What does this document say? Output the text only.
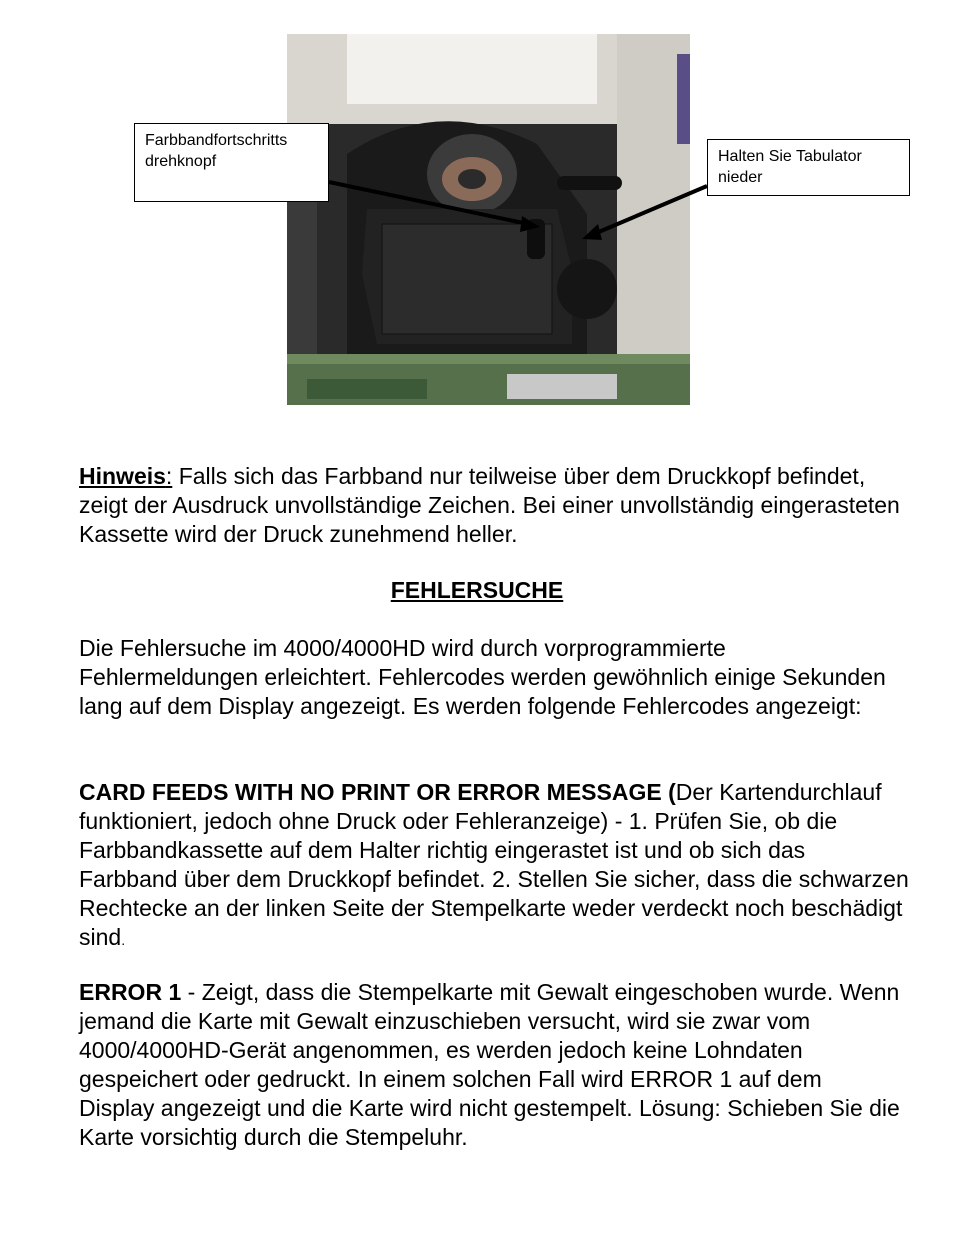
Farbbandfortschritts
drehknopf	Halten Sie Tabulator
nieder

Hinweis: Falls sich das Farbband nur teilweise über dem Druckkopf befindet, zeigt der Ausdruck unvollständige Zeichen. Bei einer unvollständig eingerasteten Kassette wird der Druck zunehmend heller.

FEHLERSUCHE

Die Fehlersuche im 4000/4000HD wird durch vorprogrammierte Fehlermeldungen erleichtert. Fehlercodes werden gewöhnlich einige Sekunden lang auf dem Display angezeigt. Es werden folgende Fehlercodes angezeigt:

CARD FEEDS WITH NO PRINT OR ERROR MESSAGE (Der Kartendurchlauf funktioniert, jedoch ohne Druck oder Fehleranzeige) - 1. Prüfen Sie, ob die Farbbandkassette auf dem Halter richtig eingerastet ist und ob sich das Farbband über dem Druckkopf befindet. 2. Stellen Sie sicher, dass die schwarzen Rechtecke an der linken Seite der Stempelkarte weder verdeckt noch beschädigt sind.

ERROR 1 - Zeigt, dass die Stempelkarte mit Gewalt eingeschoben wurde. Wenn jemand die Karte mit Gewalt einzuschieben versucht, wird sie zwar vom 4000/4000HD-Gerät angenommen, es werden jedoch keine Lohndaten gespeichert oder gedruckt. In einem solchen Fall wird ERROR 1 auf dem
Display angezeigt und die Karte wird nicht gestempelt. Lösung: Schieben Sie die Karte vorsichtig durch die Stempeluhr.
